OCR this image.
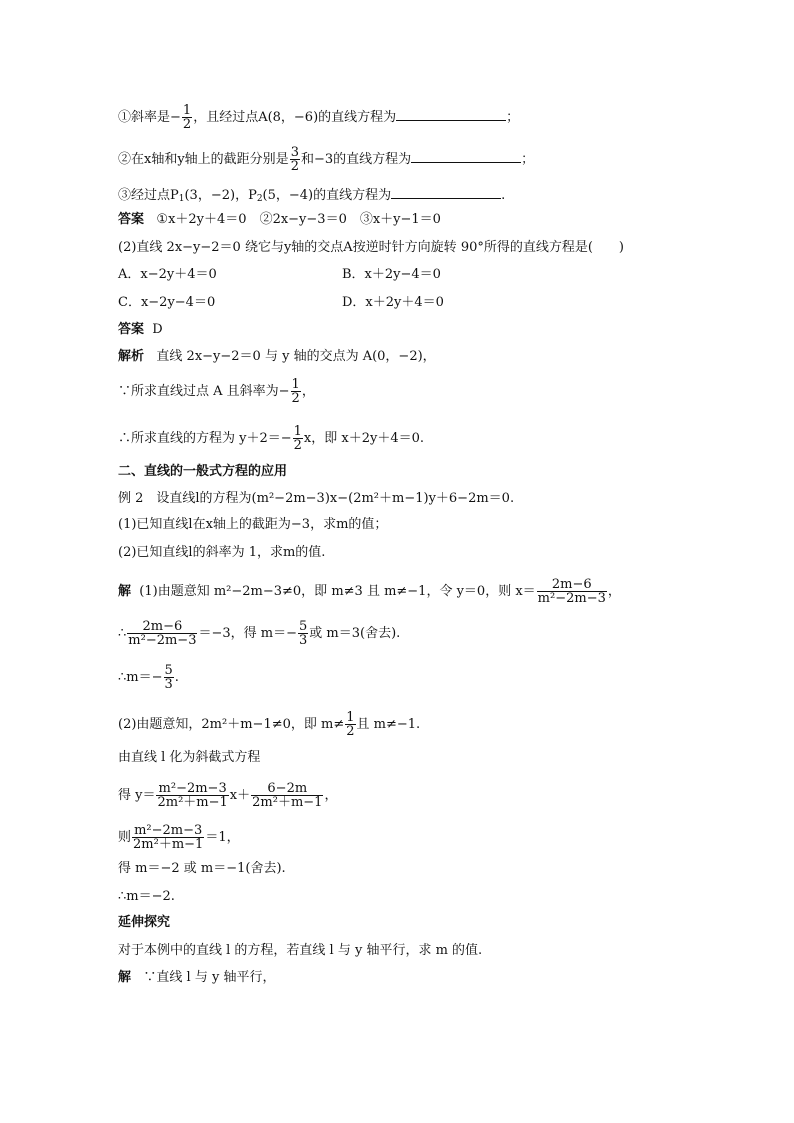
①斜率是− $\frac{1}{2}$ ，且经过点A(8，−6)的直线方程为	；
②在x轴和y轴上的截距分别是 $\frac{3}{2}$ 和−3的直线方程为	；
③经过点$P_1(3$，−2)，$P_2(5$，−4)的直线方程为	.
答案 ①x＋2y＋4＝0　②2x−y−3＝0　③x＋y−1＝0
(2)直线 2x−y−2＝0 绕它与y轴的交点A按逆时针方向旋转 90°所得的直线方程是(　　)
A．x−2y＋4＝0	B．x＋2y−4＝0
C．x−2y−4＝0	D．x＋2y＋4＝0
答案 D
解析 直线 2x−y−2＝0 与 y 轴的交点为 A(0，−2)，
∵所求直线过点 A 且斜率为− $\frac{1}{2}$ ，
∴所求直线的方程为 $y+2=- \frac{1}{2}$ x，即 x＋2y＋4＝0.
二、直线的一般式方程的应用
例 2　设直线l的方程为(m²−2m−3)x−(2m²＋m−1)y＋6−2m＝0.
(1)已知直线l在x轴上的截距为−3，求m的值；
(2)已知直线l的斜率为 1，求m的值.
解 (1)由题意知 m²−2m−3≠0，即 m≠3 且 m≠−1，令 y＝0，则 $x= \frac{2m-6}{\text{m²−2m−3}}$ ，
∴ $\frac{2m-6}{\text{m²−2m−3}} =-3$，得 $m=- \frac{5}{3}$ 或 m＝3(舍去).
∴m＝− $\frac{5}{3}$ .
(2)由题意知，2m²＋m−1≠0，即 $m\ne \frac{1}{2}$ 且 m≠−1.
由直线 l 化为斜截式方程
得 $y= \frac{\text{m²−2m−3}}{\text{2m²＋m−1}} x+ \frac{6-2m}{\text{2m²＋m−1}}$ ，
则 $\frac{\text{m²−2m−3}}{\text{2m²＋m−1}} =1$，
得 m＝−2 或 m＝−1(舍去).
∴m＝−2.
延伸探究
对于本例中的直线 l 的方程，若直线 l 与 y 轴平行，求 m 的值.
解 ∵直线 l 与 y 轴平行，
